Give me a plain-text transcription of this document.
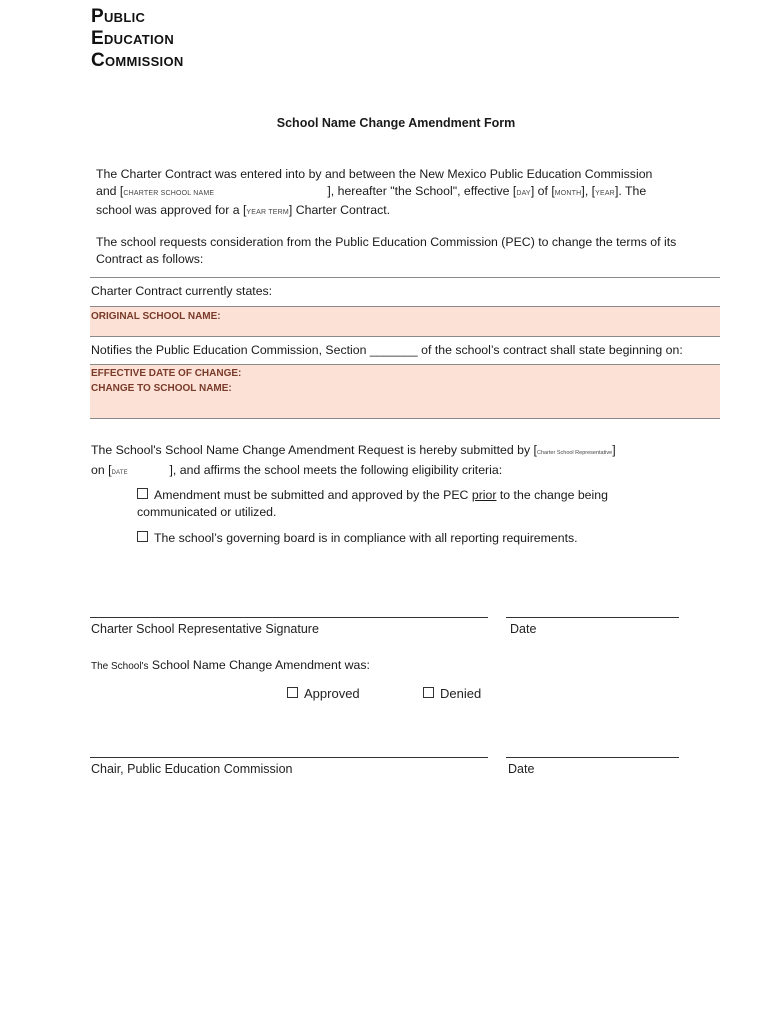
Public
Education
Commission
School Name Change Amendment Form
The Charter Contract was entered into by and between the New Mexico Public Education Commission
and [CHARTER SCHOOL NAME	], hereafter "the School", effective [DAY] of [MONTH], [YEAR]. The
school was approved for a [YEAR TERM] Charter Contract.
The school requests consideration from the Public Education Commission (PEC) to change the terms of its Contract as follows:
Charter Contract currently states:
ORIGINAL SCHOOL NAME:
Notifies the Public Education Commission, Section _______ of the school’s contract shall state beginning on:
EFFECTIVE DATE OF CHANGE:
CHANGE TO SCHOOL NAME:
The School's School Name Change Amendment Request is hereby submitted by [Charter School Representative]
on [DATE	], and affirms the school meets the following eligibility criteria:
Amendment must be submitted and approved by the PEC prior to the change being communicated or utilized.
The school’s governing board is in compliance with all reporting requirements.
Charter School Representative Signature	Date
The School's School Name Change Amendment was:
Approved	Denied
Chair, Public Education Commission	Date
